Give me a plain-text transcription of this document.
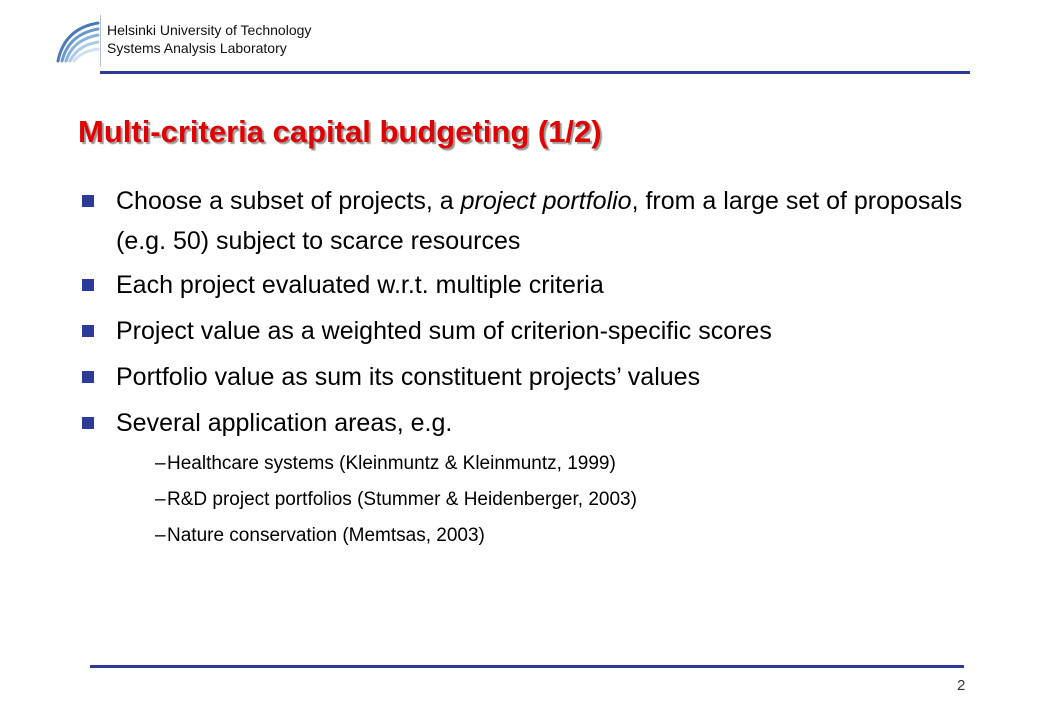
Helsinki University of Technology
Systems Analysis Laboratory
Multi-criteria capital budgeting (1/2)
Choose a subset of projects, a project portfolio, from a large set of proposals (e.g. 50) subject to scarce resources
Each project evaluated w.r.t. multiple criteria
Project value as a weighted sum of criterion-specific scores
Portfolio value as sum its constituent projects’ values
Several application areas, e.g.
– Healthcare systems (Kleinmuntz & Kleinmuntz, 1999)
– R&D project portfolios (Stummer & Heidenberger, 2003)
– Nature conservation (Memtsas, 2003)
2
